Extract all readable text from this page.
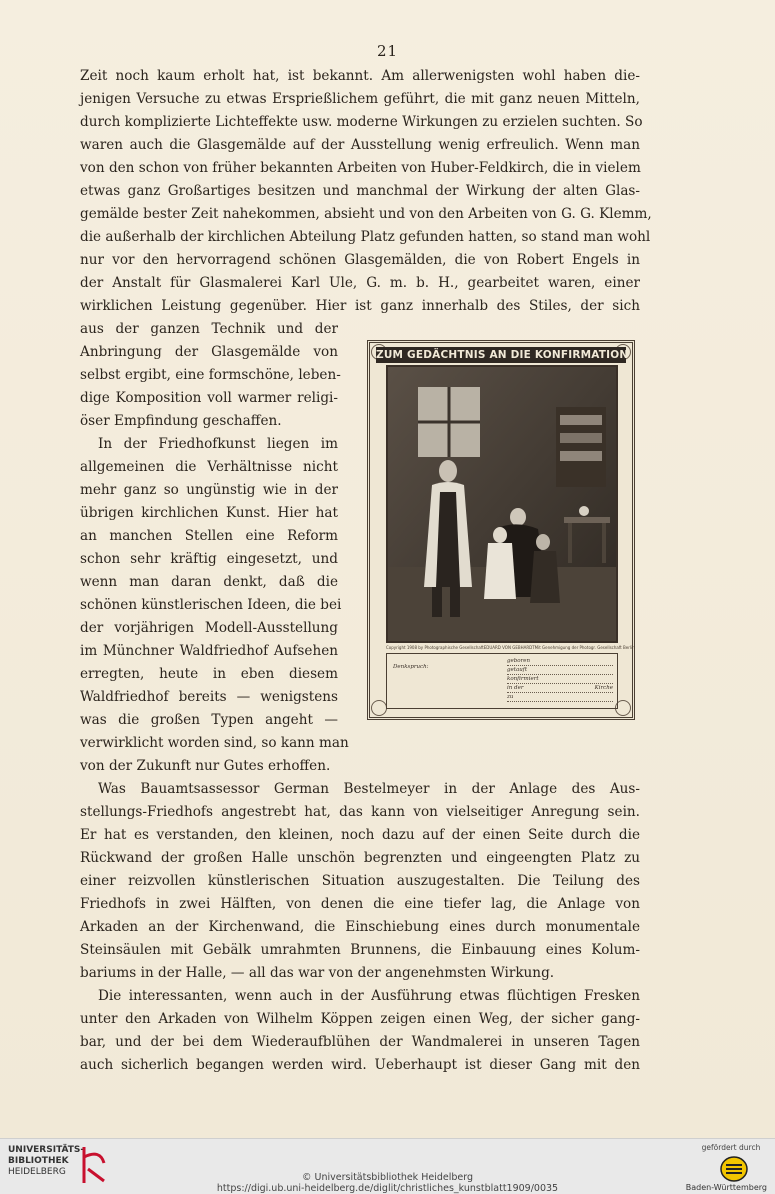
21
Zeit noch kaum erholt hat, ist bekannt. Am allerwenigsten wohl haben die-
jenigen Versuche zu etwas Ersprießlichem geführt, die mit ganz neuen Mitteln,
durch komplizierte Lichteffekte usw. moderne Wirkungen zu erzielen suchten. So
waren auch die Glasgemälde auf der Ausstellung wenig erfreulich. Wenn man
von den schon von früher bekannten Arbeiten von Huber-Feldkirch, die in vielem
etwas ganz Großartiges besitzen und manchmal der Wirkung der alten Glas-
gemälde bester Zeit nahekommen, absieht und von den Arbeiten von G. G. Klemm,
die außerhalb der kirchlichen Abteilung Platz gefunden hatten, so stand man wohl
nur vor den hervorragend schönen Glasgemälden, die von Robert Engels in
der Anstalt für Glasmalerei Karl Ule, G. m. b. H., gearbeitet waren, einer
wirklichen Leistung gegenüber. Hier ist ganz innerhalb des Stiles, der sich
aus der ganzen Technik und der
Anbringung der Glasgemälde von
selbst ergibt, eine formschöne, leben-
dige Komposition voll warmer religi-
öser Empfindung geschaffen.
In der Friedhofkunst liegen im
allgemeinen die Verhältnisse nicht
mehr ganz so ungünstig wie in der
übrigen kirchlichen Kunst. Hier hat
an manchen Stellen eine Reform
schon sehr kräftig eingesetzt, und
wenn man daran denkt, daß die
schönen künstlerischen Ideen, die bei
der vorjährigen Modell-Ausstellung
im Münchner Waldfriedhof Aufsehen
erregten, heute in eben diesem
Waldfriedhof bereits — wenigstens
was die großen Typen angeht —
verwirklicht worden sind, so kann man
von der Zukunft nur Gutes erhoffen.
ZUM GEDÄCHTNIS AN DIE KONFIRMATION
Copyright 1908 by Photographische Gesellschaft EDUARD VON GEBHARDT Mit Genehmigung der Photogr. Gesellschaft Berlin
Denkspruch:
geboren
getauft
konfirmiert
in der	Kirche
zu
Was Bauamtsassessor German Bestelmeyer in der Anlage des Aus-
stellungs-Friedhofs angestrebt hat, das kann von vielseitiger Anregung sein.
Er hat es verstanden, den kleinen, noch dazu auf der einen Seite durch die
Rückwand der großen Halle unschön begrenzten und eingeengten Platz zu
einer reizvollen künstlerischen Situation auszugestalten. Die Teilung des
Friedhofs in zwei Hälften, von denen die eine tiefer lag, die Anlage von
Arkaden an der Kirchenwand, die Einschiebung eines durch monumentale
Steinsäulen mit Gebälk umrahmten Brunnens, die Einbauung eines Kolum-
bariums in der Halle, — all das war von der angenehmsten Wirkung.
Die interessanten, wenn auch in der Ausführung etwas flüchtigen Fresken
unter den Arkaden von Wilhelm Köppen zeigen einen Weg, der sicher gang-
bar, und der bei dem Wiederaufblühen der Wandmalerei in unseren Tagen
auch sicherlich begangen werden wird. Ueberhaupt ist dieser Gang mit den
UNIVERSITÄTS-
BIBLIOTHEK
HEIDELBERG	© Universitätsbibliothek Heidelberg
https://digi.ub.uni-heidelberg.de/diglit/christliches_kunstblatt1909/0035
gefördert durch
Baden-Württemberg
